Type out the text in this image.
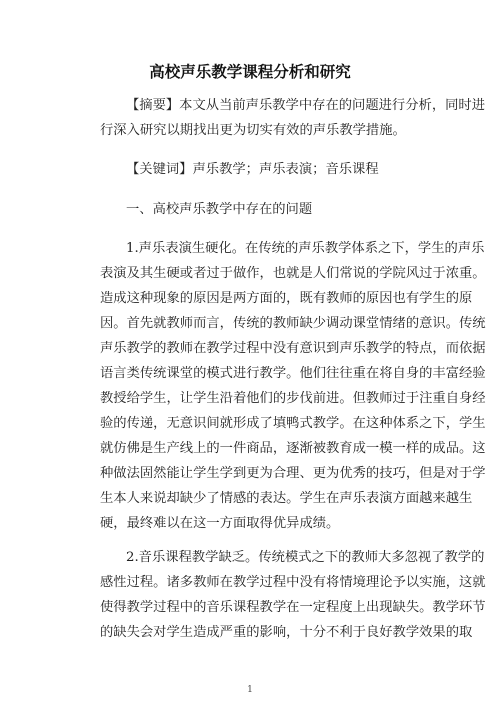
高校声乐教学课程分析和研究
【摘要】本文从当前声乐教学中存在的问题进行分析，同时进
行深入研究以期找出更为切实有效的声乐教学措施。
【关键词】声乐教学；声乐表演；音乐课程
一、高校声乐教学中存在的问题
1.声乐表演生硬化。在传统的声乐教学体系之下，学生的声乐
表演及其生硬或者过于做作，也就是人们常说的学院风过于浓重。
造成这种现象的原因是两方面的，既有教师的原因也有学生的原
因。首先就教师而言，传统的教师缺少调动课堂情绪的意识。传统
声乐教学的教师在教学过程中没有意识到声乐教学的特点，而依据
语言类传统课堂的模式进行教学。他们往往重在将自身的丰富经验
教授给学生，让学生沿着他们的步伐前进。但教师过于注重自身经
验的传递，无意识间就形成了填鸭式教学。在这种体系之下，学生
就仿佛是生产线上的一件商品，逐渐被教育成一模一样的成品。这
种做法固然能让学生学到更为合理、更为优秀的技巧，但是对于学
生本人来说却缺少了情感的表达。学生在声乐表演方面越来越生
硬，最终难以在这一方面取得优异成绩。
2.音乐课程教学缺乏。传统模式之下的教师大多忽视了教学的
感性过程。诸多教师在教学过程中没有将情境理论予以实施，这就
使得教学过程中的音乐课程教学在一定程度上出现缺失。教学环节
的缺失会对学生造成严重的影响，十分不利于良好教学效果的取
1
